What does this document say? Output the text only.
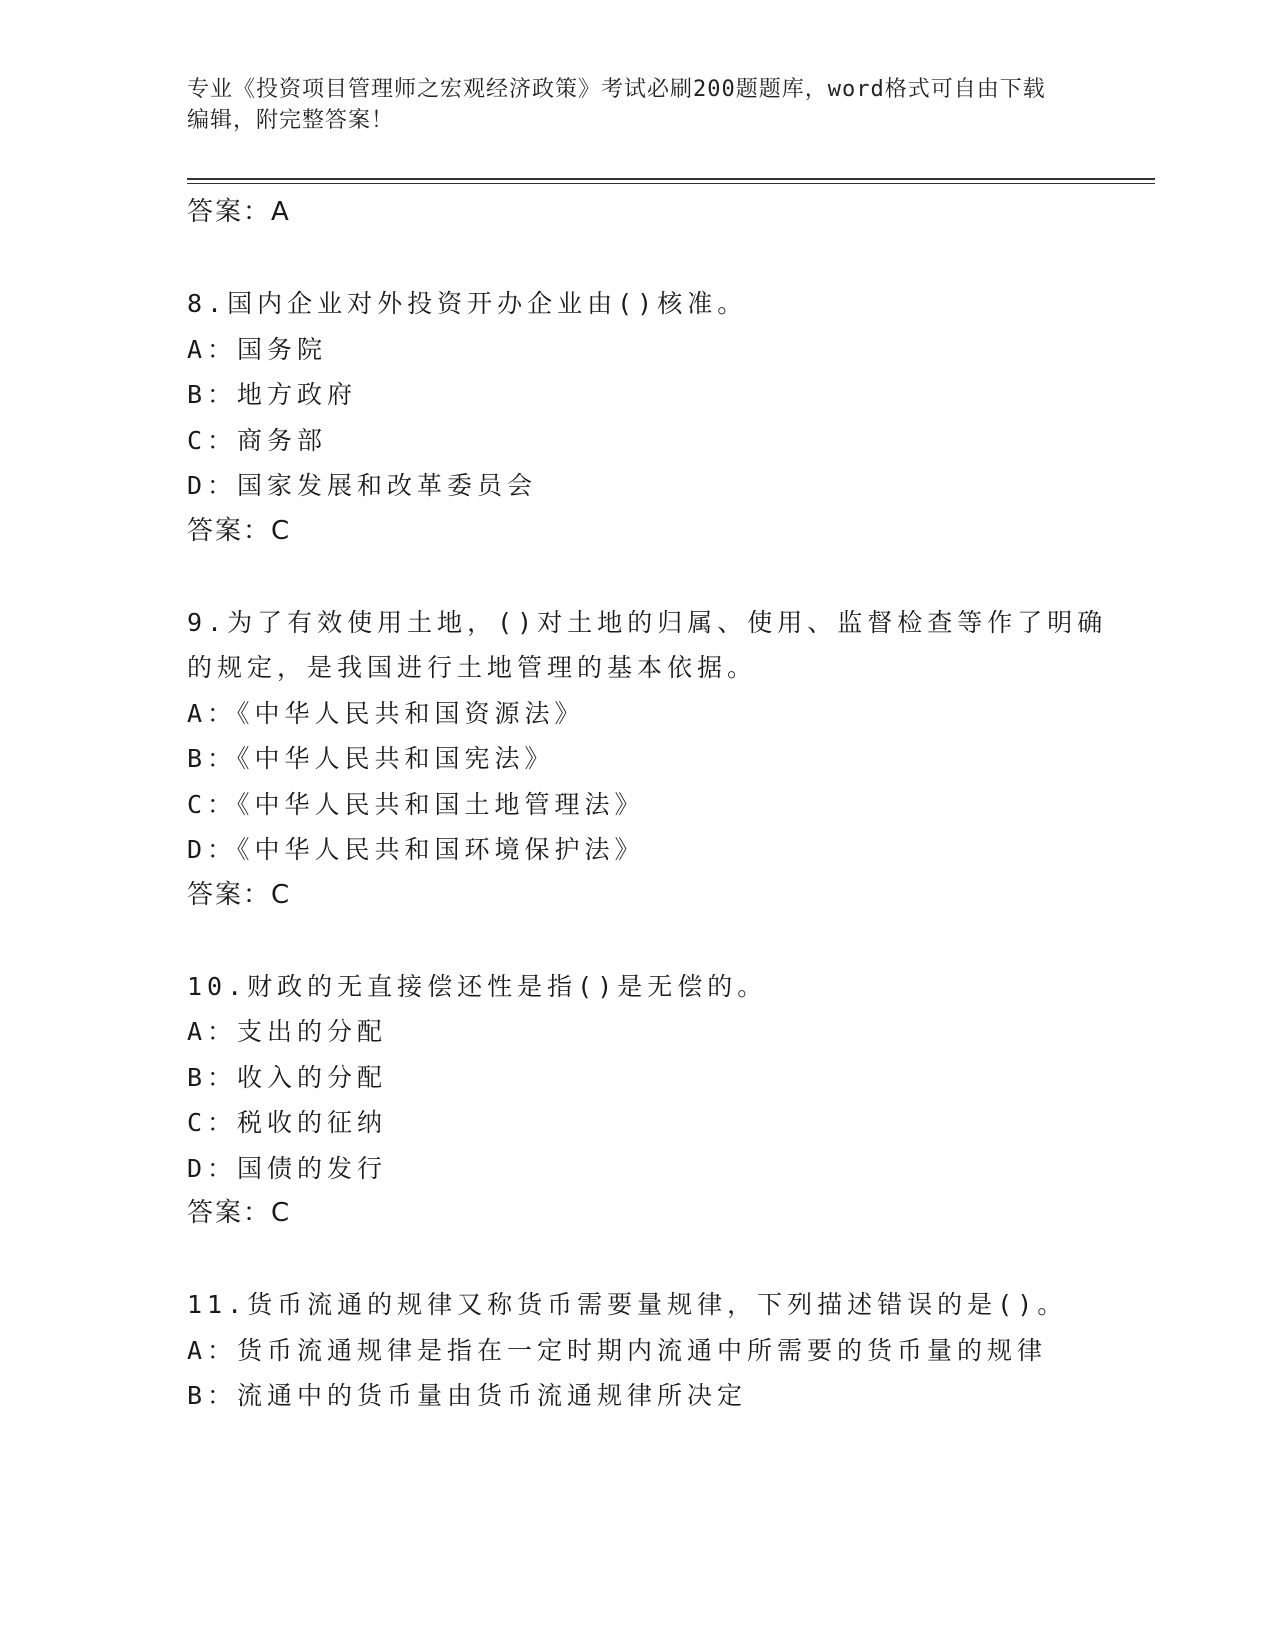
专业《投资项目管理师之宏观经济政策》考试必刷200题题库，word格式可自由下载编辑，附完整答案！
答案：A
8.国内企业对外投资开办企业由()核准。
A：国务院
B：地方政府
C：商务部
D：国家发展和改革委员会
答案：C
9.为了有效使用土地，()对土地的归属、使用、监督检查等作了明确
的规定，是我国进行土地管理的基本依据。
A：《中华人民共和国资源法》
B：《中华人民共和国宪法》
C：《中华人民共和国土地管理法》
D：《中华人民共和国环境保护法》
答案：C
10.财政的无直接偿还性是指()是无偿的。
A：支出的分配
B：收入的分配
C：税收的征纳
D：国债的发行
答案：C
11.货币流通的规律又称货币需要量规律，下列描述错误的是()。
A：货币流通规律是指在一定时期内流通中所需要的货币量的规律
B：流通中的货币量由货币流通规律所决定
